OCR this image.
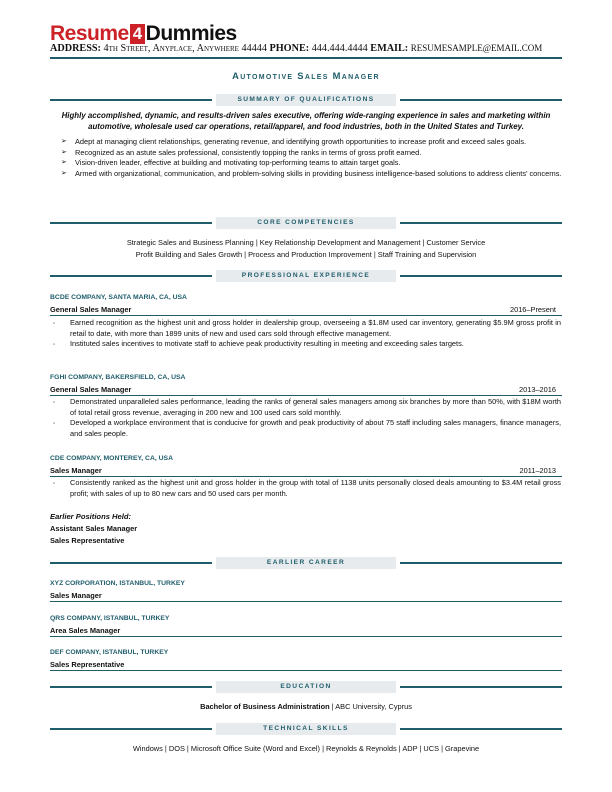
Resume 4 Dummies
ADDRESS: 4th Street, Anyplace, Anywhere 44444 PHONE: 444.444.4444 EMAIL: RESUMESAMPLE@EMAIL.COM
Automotive Sales Manager
SUMMARY OF QUALIFICATIONS
Highly accomplished, dynamic, and results-driven sales executive, offering wide-ranging experience in sales and marketing within automotive, wholesale used car operations, retail/apparel, and food industries, both in the United States and Turkey.
➢ Adept at managing client relationships, generating revenue, and identifying growth opportunities to increase profit and exceed sales goals.
➢ Recognized as an astute sales professional, consistently topping the ranks in terms of gross profit earned.
➢ Vision-driven leader, effective at building and motivating top-performing teams to attain target goals.
➢ Armed with organizational, communication, and problem-solving skills in providing business intelligence-based solutions to address clients’ concerns.
CORE COMPETENCIES
Strategic Sales and Business Planning | Key Relationship Development and Management | Customer Service
Profit Building and Sales Growth | Process and Production Improvement | Staff Training and Supervision
PROFESSIONAL EXPERIENCE
BCDE COMPANY, SANTA MARIA, CA, USA
General Sales Manager	2016–Present
▫ Earned recognition as the highest unit and gross holder in dealership group, overseeing a $1.8M used car inventory, generating $5.9M gross profit in retail to date, with more than 1899 units of new and used cars sold through effective management.
▫ Instituted sales incentives to motivate staff to achieve peak productivity resulting in meeting and exceeding sales targets.
FGHI COMPANY, BAKERSFIELD, CA, USA
General Sales Manager	2013–2016
▫ Demonstrated unparalleled sales performance, leading the ranks of general sales managers among six branches by more than 50%, with $18M worth of total retail gross revenue, averaging in 200 new and 100 used cars sold monthly.
▫ Developed a workplace environment that is conducive for growth and peak productivity of about 75 staff including sales managers, finance managers, and sales people.
CDE COMPANY, MONTEREY, CA, USA
Sales Manager	2011–2013
▫ Consistently ranked as the highest unit and gross holder in the group with total of 1138 units personally closed deals amounting to $3.4M retail gross profit; with sales of up to 80 new cars and 50 used cars per month.
Earlier Positions Held:
Assistant Sales Manager
Sales Representative
EARLIER CAREER
XYZ CORPORATION, ISTANBUL, TURKEY
Sales Manager
QRS COMPANY, ISTANBUL, TURKEY
Area Sales Manager
DEF COMPANY, ISTANBUL, TURKEY
Sales Representative
EDUCATION
Bachelor of Business Administration | ABC University, Cyprus
TECHNICAL SKILLS
Windows | DOS | Microsoft Office Suite (Word and Excel) | Reynolds & Reynolds | ADP | UCS | Grapevine
